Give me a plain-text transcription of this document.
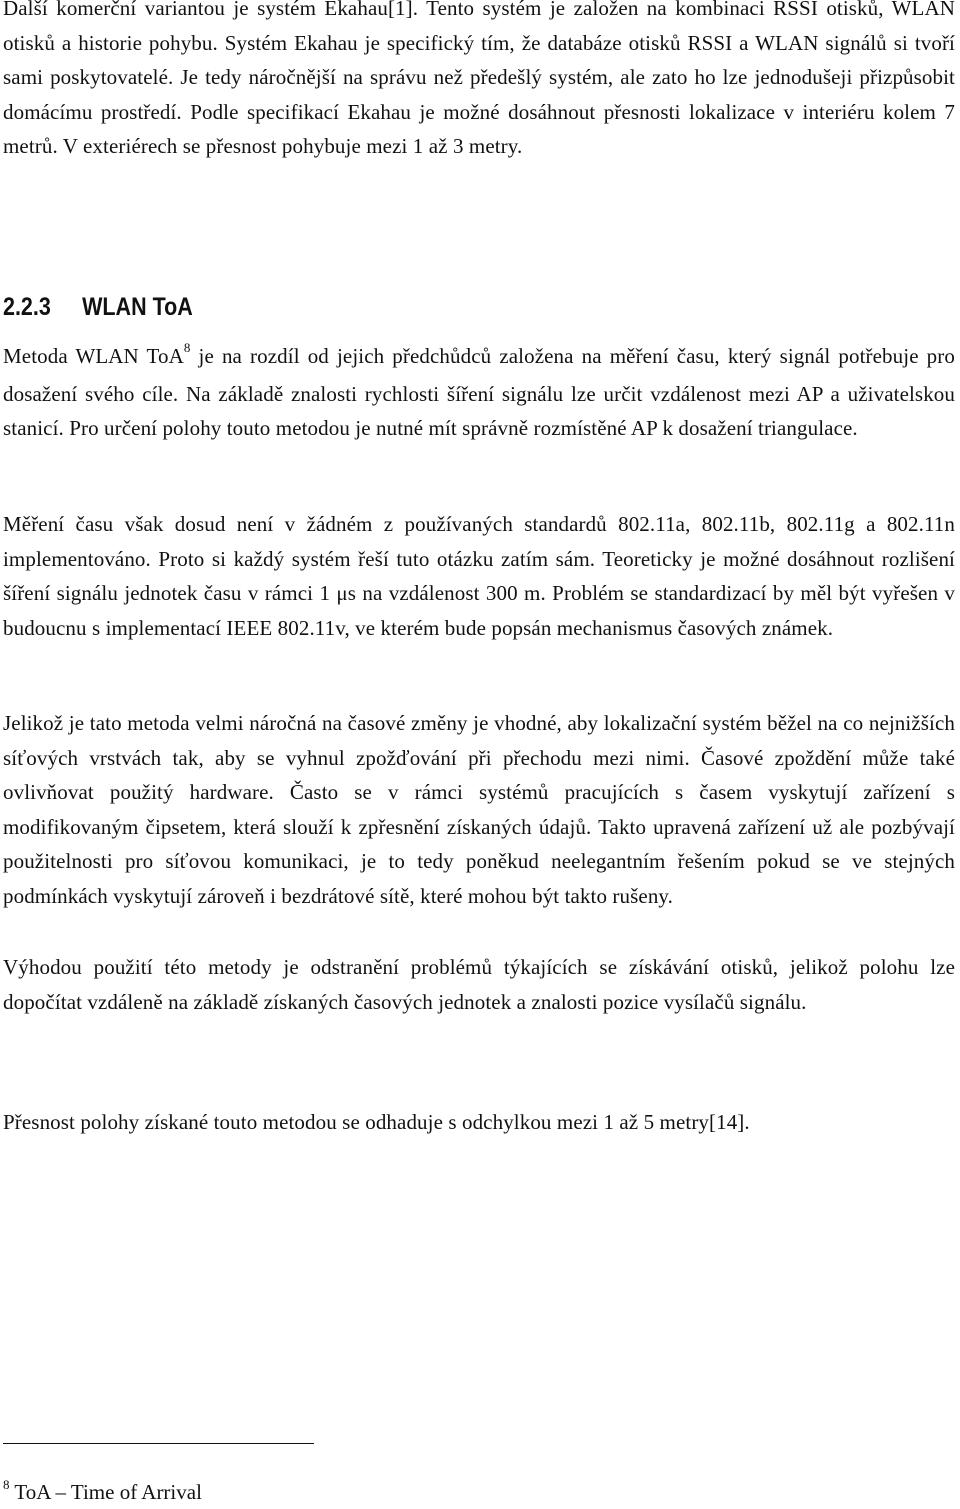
Další komerční variantou je systém Ekahau[1]. Tento systém je založen na kombinaci RSSI otisků, WLAN otisků a historie pohybu. Systém Ekahau je specifický tím, že databáze otisků RSSI a WLAN signálů si tvoří sami poskytovatelé. Je tedy náročnější na správu než předešlý systém, ale zato ho lze jednodušeji přizpůsobit domácímu prostředí. Podle specifikací Ekahau je možné dosáhnout přesnosti lokalizace v interiéru kolem 7 metrů. V exteriérech se přesnost pohybuje mezi 1 až 3 metry.

2.2.3 WLAN ToA

Metoda WLAN ToA$^8$ je na rozdíl od jejich předchůdců založena na měření času, který signál potřebuje pro dosažení svého cíle. Na základě znalosti rychlosti šíření signálu lze určit vzdálenost mezi AP a uživatelskou stanicí. Pro určení polohy touto metodou je nutné mít správně rozmístěné AP k dosažení triangulace.

Měření času však dosud není v žádném z používaných standardů 802.11a, 802.11b, 802.11g a 802.11n implementováno. Proto si každý systém řeší tuto otázku zatím sám. Teoreticky je možné dosáhnout rozlišení šíření signálu jednotek času v rámci 1 μs na vzdálenost 300 m. Problém se standardizací by měl být vyřešen v budoucnu s implementací IEEE 802.11v, ve kterém bude popsán mechanismus časových známek.

Jelikož je tato metoda velmi náročná na časové změny je vhodné, aby lokalizační systém běžel na co nejnižších síťových vrstvách tak, aby se vyhnul zpožďování při přechodu mezi nimi. Časové zpoždění může také ovlivňovat použitý hardware. Často se v rámci systémů pracujících s časem vyskytují zařízení s modifikovaným čipsetem, která slouží k zpřesnění získaných údajů. Takto upravená zařízení už ale pozbývají použitelnosti pro síťovou komunikaci, je to tedy poněkud neelegantním řešením pokud se ve stejných podmínkách vyskytují zároveň i bezdrátové sítě, které mohou být takto rušeny.

Výhodou použití této metody je odstranění problémů týkajících se získávání otisků, jelikož polohu lze dopočítat vzdáleně na základě získaných časových jednotek a znalosti pozice vysílačů signálu.

Přesnost polohy získané touto metodou se odhaduje s odchylkou mezi 1 až 5 metry[14].

$^8$ ToA – Time of Arrival
